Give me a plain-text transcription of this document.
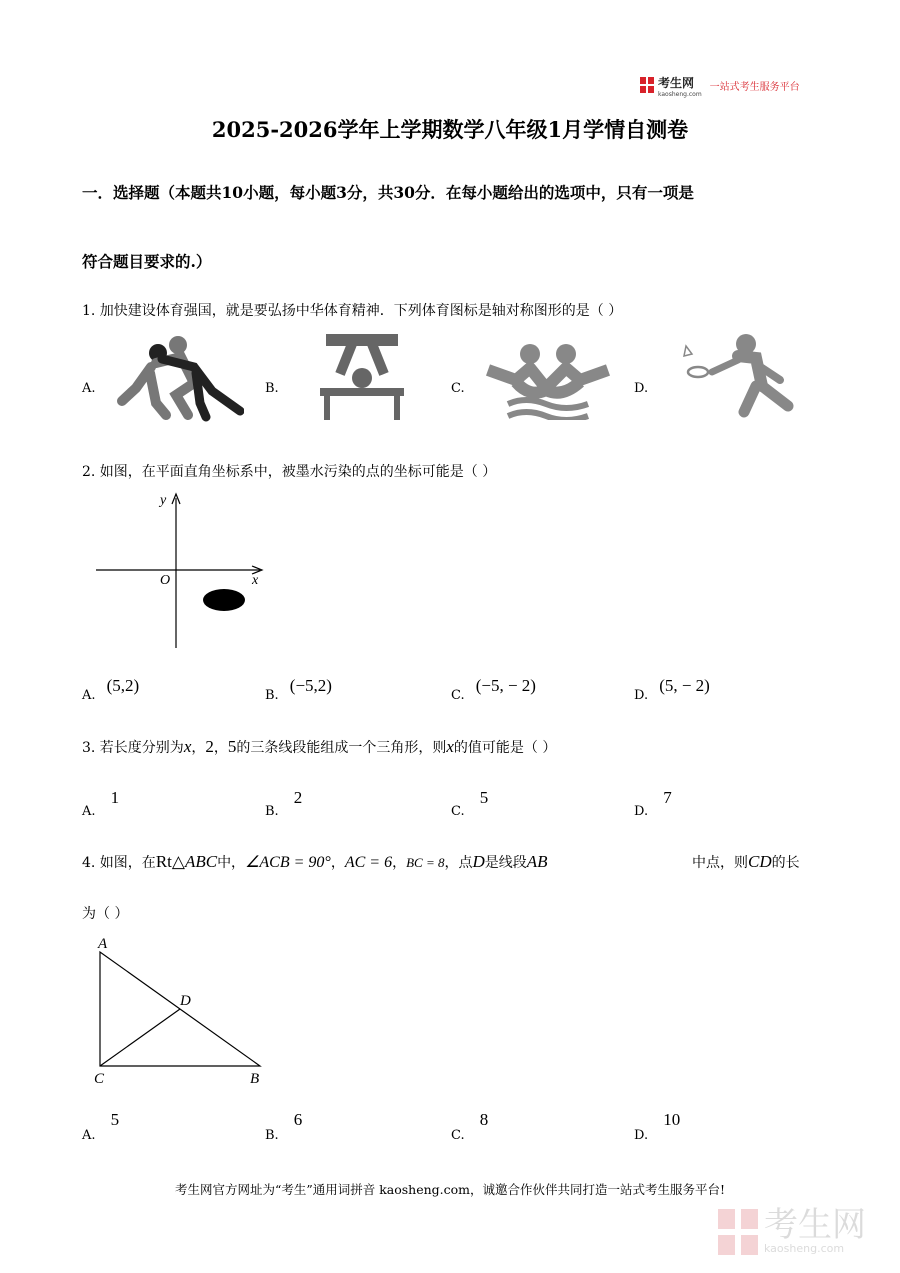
考生网
kaosheng.com
一站式考生服务平台
2025-2026学年上学期数学八年级1月学情自测卷
一．选择题（本题共10小题，每小题3分，共30分．在每小题给出的选项中，只有一项是
符合题目要求的.）
1. 加快建设体育强国，就是要弘扬中华体育精神．下列体育图标是轴对称图形的是（ ）
A.	B.	C.	D.
2. 如图，在平面直角坐标系中，被墨水污染的点的坐标可能是（ ）
y
x
O
$_{A.}$ (5,2)
$_{B.}$ (−5,2)
$_{C.}$ (−5, − 2)
$_{D.}$ (5, − 2)
3. 若长度分别为x，2，5的三条线段能组成一个三角形，则x的值可能是（ ）
$_{A.}$ 1
$_{B.}$ 2
$_{C.}$ 5
$_{D.}$ 7
4. 如图，在Rt△ABC中，∠ACB = 90°，AC = 6，BC = 8，点D是线段AB	中点，则CD的长
为（ ）
A
D
C	B
$_{A.}$ 5
$_{B.}$ 6
$_{C.}$ 8
$_{D.}$ 10
考生网官方网址为“考生”通用词拼音 kaosheng.com，诚邀合作伙伴共同打造一站式考生服务平台!
考生网
kaosheng.com
